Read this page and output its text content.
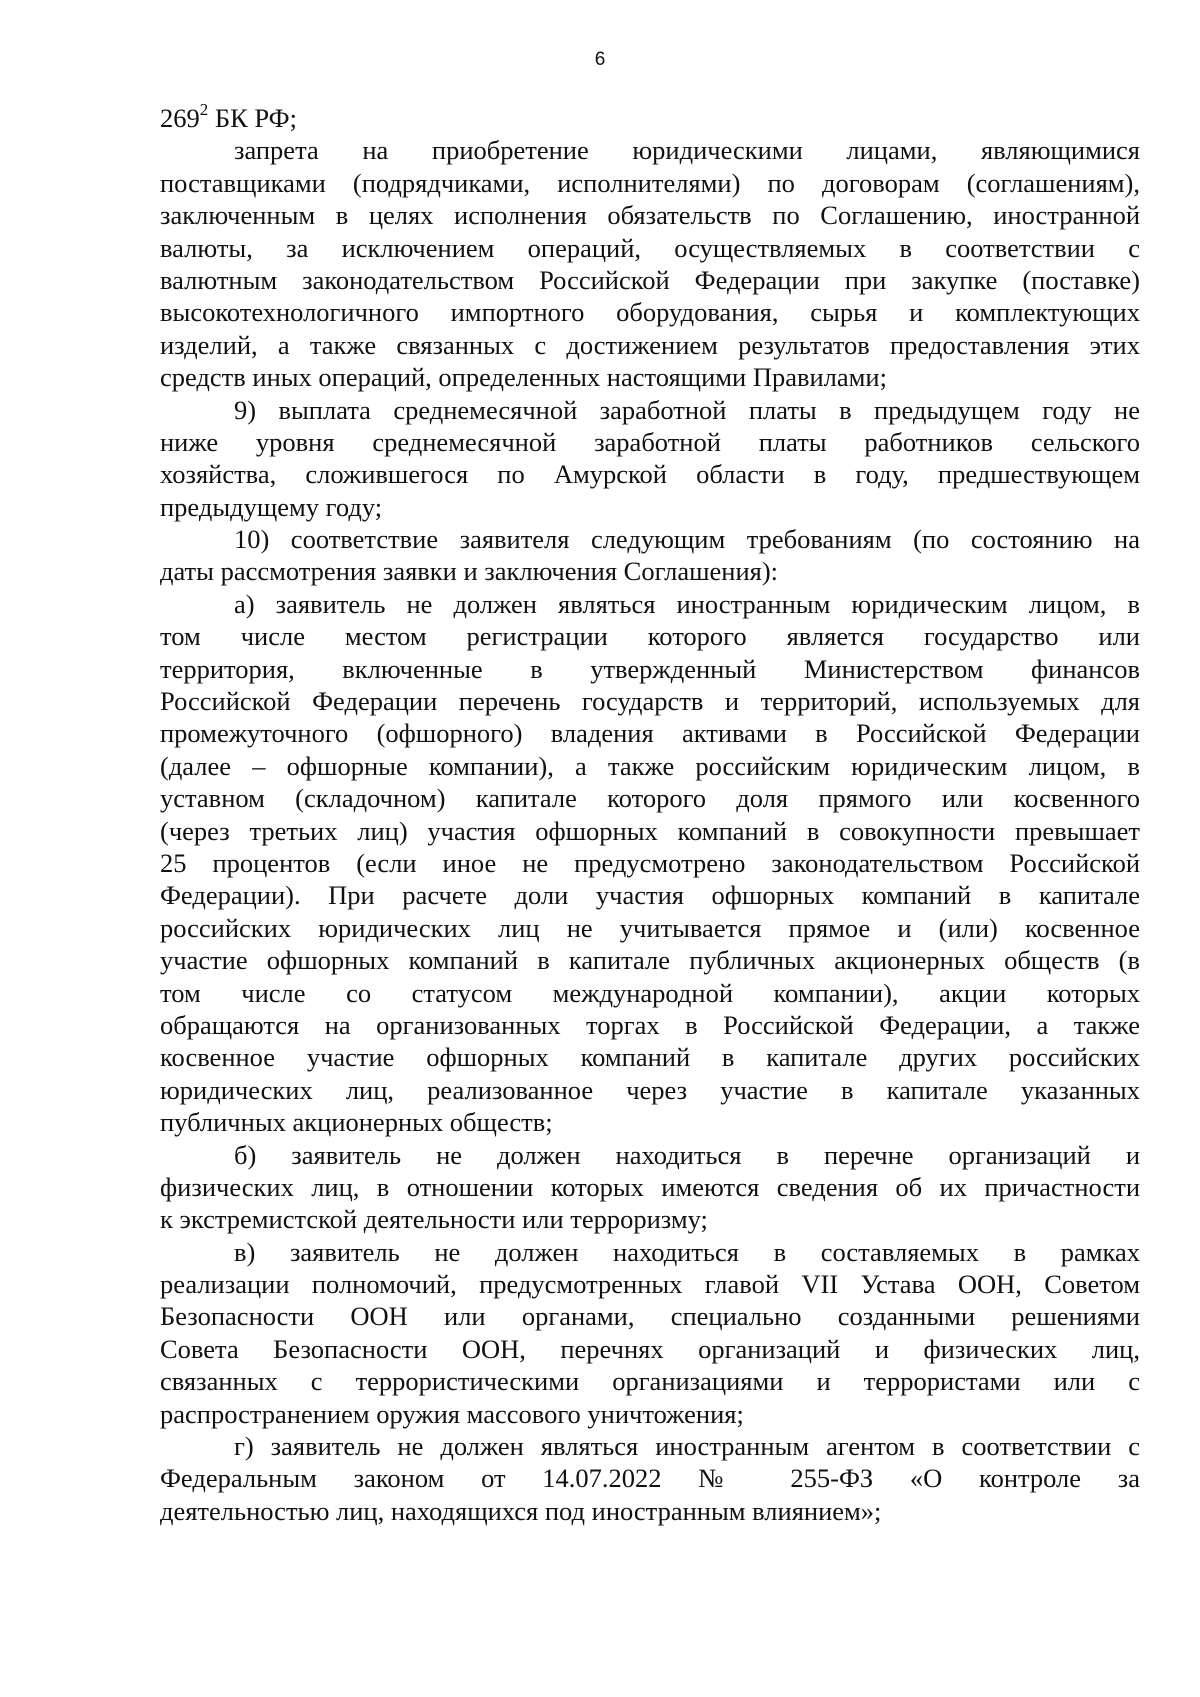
6
$269^2$ БК РФ;
запрета на приобретение юридическими лицами, являющимися
поставщиками (подрядчиками, исполнителями) по договорам (соглашениям),
заключенным в целях исполнения обязательств по Соглашению, иностранной
валюты, за исключением операций, осуществляемых в соответствии с
валютным законодательством Российской Федерации при закупке (поставке)
высокотехнологичного импортного оборудования, сырья и комплектующих
изделий, а также связанных с достижением результатов предоставления этих
средств иных операций, определенных настоящими Правилами;
9) выплата среднемесячной заработной платы в предыдущем году не
ниже уровня среднемесячной заработной платы работников сельского
хозяйства, сложившегося по Амурской области в году, предшествующем
предыдущему году;
10) соответствие заявителя следующим требованиям (по состоянию на
даты рассмотрения заявки и заключения Соглашения):
а) заявитель не должен являться иностранным юридическим лицом, в
том числе местом регистрации которого является государство или
территория, включенные в утвержденный Министерством финансов
Российской Федерации перечень государств и территорий, используемых для
промежуточного (офшорного) владения активами в Российской Федерации
(далее – офшорные компании), а также российским юридическим лицом, в
уставном (складочном) капитале которого доля прямого или косвенного
(через третьих лиц) участия офшорных компаний в совокупности превышает
25 процентов (если иное не предусмотрено законодательством Российской
Федерации). При расчете доли участия офшорных компаний в капитале
российских юридических лиц не учитывается прямое и (или) косвенное
участие офшорных компаний в капитале публичных акционерных обществ (в
том числе со статусом международной компании), акции которых
обращаются на организованных торгах в Российской Федерации, а также
косвенное участие офшорных компаний в капитале других российских
юридических лиц, реализованное через участие в капитале указанных
публичных акционерных обществ;
б) заявитель не должен находиться в перечне организаций и
физических лиц, в отношении которых имеются сведения об их причастности
к экстремистской деятельности или терроризму;
в) заявитель не должен находиться в составляемых в рамках
реализации полномочий, предусмотренных главой VII Устава ООН, Советом
Безопасности ООН или органами, специально созданными решениями
Совета Безопасности ООН, перечнях организаций и физических лиц,
связанных с террористическими организациями и террористами или с
распространением оружия массового уничтожения;
г) заявитель не должен являться иностранным агентом в соответствии с
Федеральным законом от 14.07.2022 № 255-ФЗ «О контроле за
деятельностью лиц, находящихся под иностранным влиянием»;
